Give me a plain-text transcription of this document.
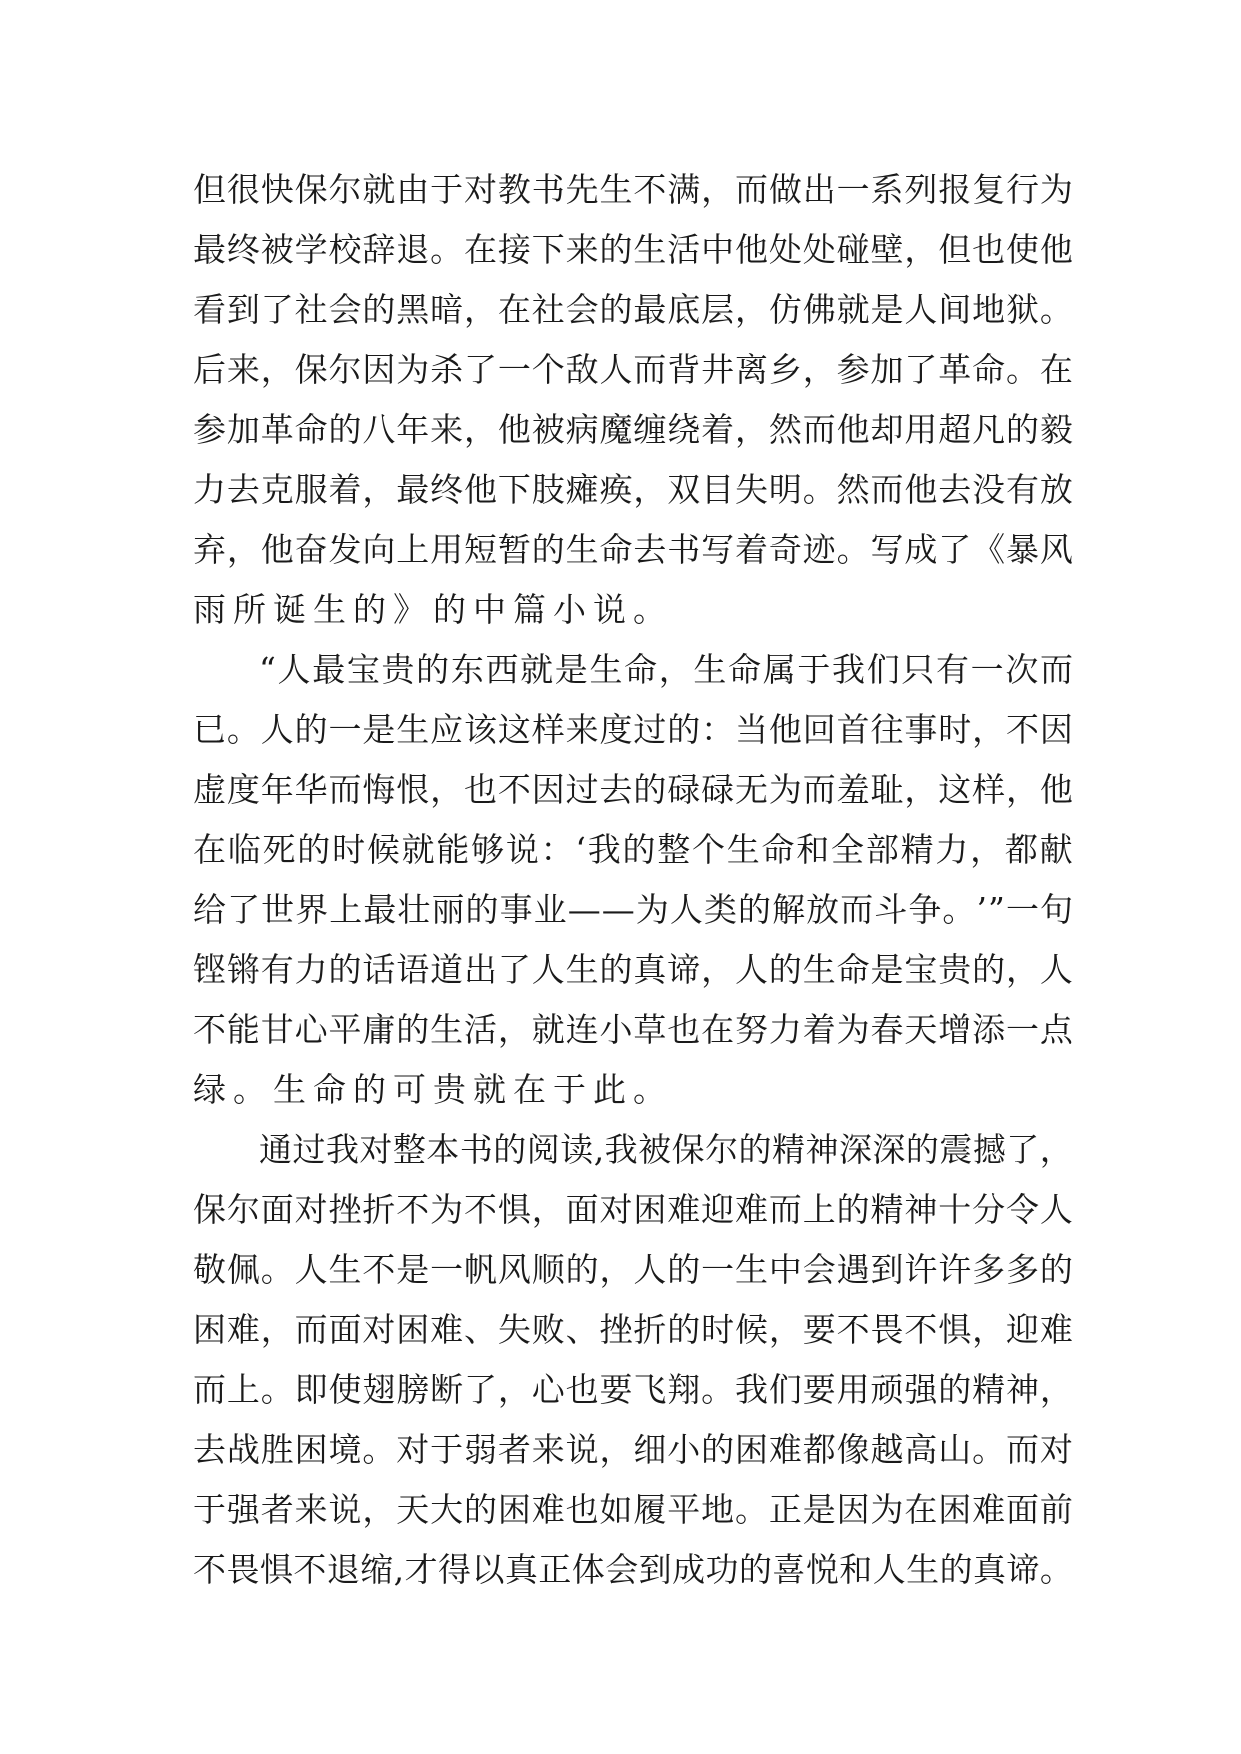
但 很 快 保 尔 就 由 于 对 教 书 先 生 不 满 ， 而 做 出 一 系 列 报 复 行 为
最 终 被 学 校 辞 退 。 在 接 下 来 的 生 活 中 他 处 处 碰 壁 ， 但 也 使 他
看 到 了 社 会 的 黑 暗 ， 在 社 会 的 最 底 层 ， 仿 佛 就 是 人 间 地 狱 。
后 来 ， 保 尔 因 为 杀 了 一 个 敌 人 而 背 井 离 乡 ， 参 加 了 革 命 。 在
参 加 革 命 的 八 年 来 ， 他 被 病 魔 缠 绕 着 ， 然 而 他 却 用 超 凡 的 毅
力 去 克 服 着 ， 最 终 他 下 肢 瘫 痪 ， 双 目 失 明 。 然 而 他 去 没 有 放
弃 ， 他 奋 发 向 上 用 短 暂 的 生 命 去 书 写 着 奇 迹 。 写 成 了 《 暴 风
雨所诞生的》的中篇小说。
“ 人 最 宝 贵 的 东 西 就 是 生 命 ， 生 命 属 于 我 们 只 有 一 次 而
已 。 人 的 一 是 生 应 该 这 样 来 度 过 的 ： 当 他 回 首 往 事 时 ， 不 因
虚 度 年 华 而 悔 恨 ， 也 不 因 过 去 的 碌 碌 无 为 而 羞 耻 ， 这 样 ， 他
在 临 死 的 时 候 就 能 够 说 ： ‘ 我 的 整 个 生 命 和 全 部 精 力 ， 都 献
给 了 世 界 上 最 壮 丽 的 事 业 — — 为 人 类 的 解 放 而 斗 争 。 ’ ” 一 句
铿 锵 有 力 的 话 语 道 出 了 人 生 的 真 谛 ， 人 的 生 命 是 宝 贵 的 ， 人
不 能 甘 心 平 庸 的 生 活 ， 就 连 小 草 也 在 努 力 着 为 春 天 增 添 一 点
绿。生命的可贵就在于此。
通 过 我 对 整 本 书 的 阅 读 , 我 被 保 尔 的 精 神 深 深 的 震 撼 了 ，
保 尔 面 对 挫 折 不 为 不 惧 ， 面 对 困 难 迎 难 而 上 的 精 神 十 分 令 人
敬 佩 。 人 生 不 是 一 帆 风 顺 的 ， 人 的 一 生 中 会 遇 到 许 许 多 多 的
困 难 ， 而 面 对 困 难 、 失 败 、 挫 折 的 时 候 ， 要 不 畏 不 惧 ， 迎 难
而 上 。 即 使 翅 膀 断 了 ， 心 也 要 飞 翔 。 我 们 要 用 顽 强 的 精 神 ，
去 战 胜 困 境 。 对 于 弱 者 来 说 ， 细 小 的 困 难 都 像 越 高 山 。 而 对
于 强 者 来 说 ， 天 大 的 困 难 也 如 履 平 地 。 正 是 因 为 在 困 难 面 前
不 畏 惧 不 退 缩 , 才 得 以 真 正 体 会 到 成 功 的 喜 悦 和 人 生 的 真 谛 。
